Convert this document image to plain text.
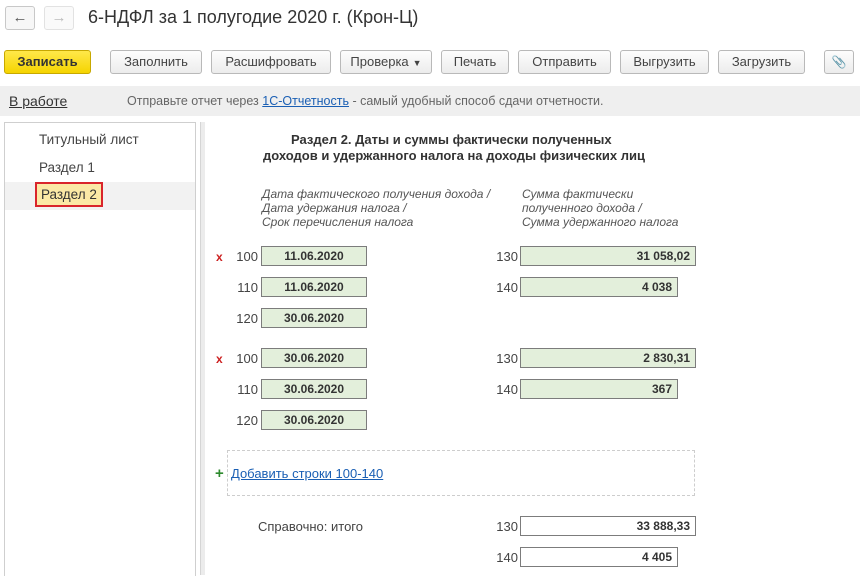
←	→	6-НДФЛ за 1 полугодие 2020 г. (Крон-Ц)
Записать	Заполнить	Расшифровать	Проверка ▼	Печать	Отправить	Выгрузить	Загрузить	📎
В работе	Отправьте отчет через 1С-Отчетность - самый удобный способ сдачи отчетности.
Титульный лист
Раздел 1
Раздел 2
Раздел 2. Даты и суммы фактически полученных
доходов и удержанного налога на доходы физических лиц
Дата фактического получения дохода /
Дата удержания налога /
Срок перечисления налога
Сумма фактически
полученного дохода /
Сумма удержанного налога
x	100	11.06.2020	130	31 058,02
110	11.06.2020	140	4 038
120	30.06.2020
x	100	30.06.2020	130	2 830,31
110	30.06.2020	140	367
120	30.06.2020
+ Добавить строки 100-140
Справочно: итого	130	33 888,33
140	4 405
